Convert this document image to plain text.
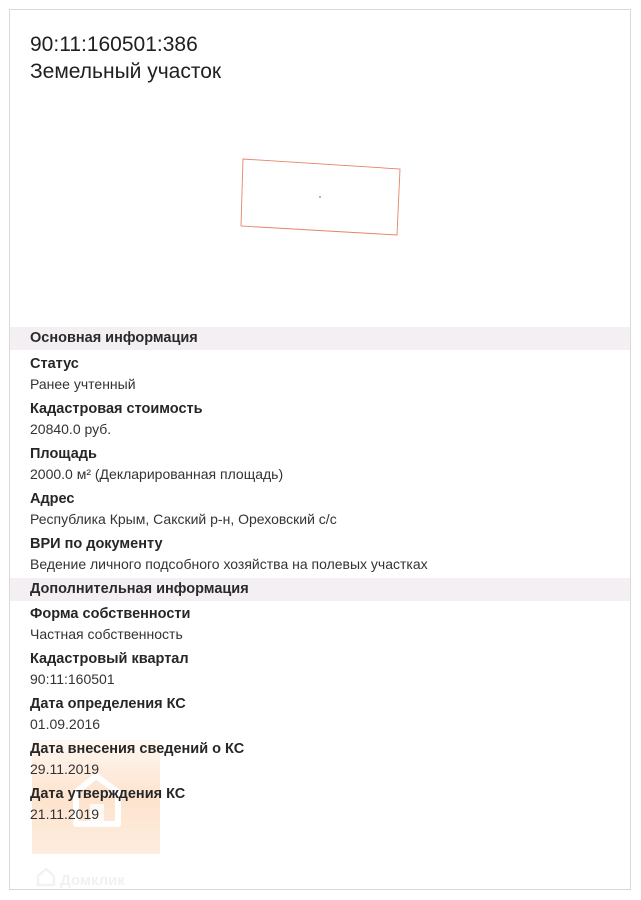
90:11:160501:386
Земельный участок
Основная информация
Статус
Ранее учтенный
Кадастровая стоимость
20840.0 руб.
Площадь
2000.0 м² (Декларированная площадь)
Адрес
Республика Крым, Сакский р-н, Ореховский с/с
ВРИ по документу
Ведение личного подсобного хозяйства на полевых участках
Дополнительная информация
Форма собственности
Частная собственность
Кадастровый квартал
90:11:160501
Дата определения КС
01.09.2016
Домклик
Дата внесения сведений о КС
29.11.2019
Дата утверждения КС
21.11.2019
